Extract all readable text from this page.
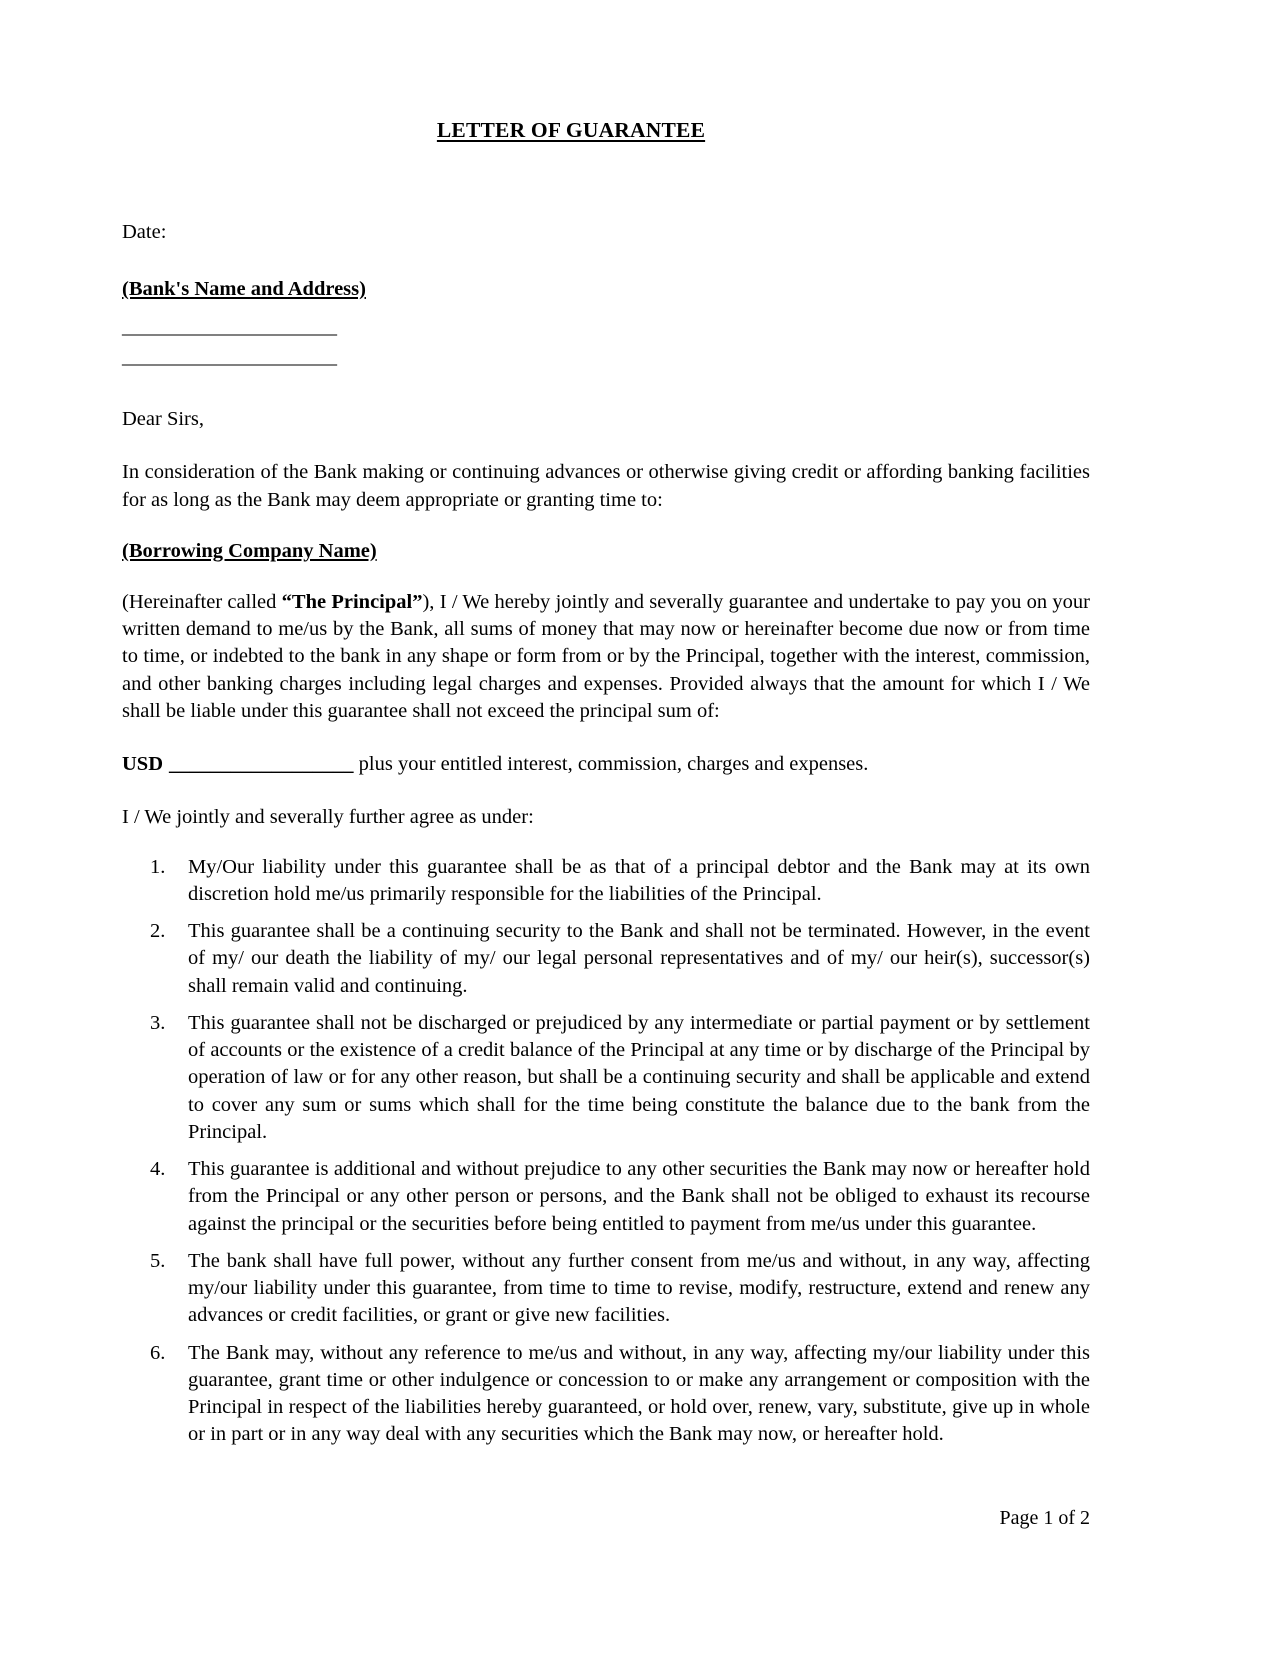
LETTER OF GUARANTEE
Date:
(Bank's Name and Address)
______________________
______________________
Dear Sirs,

In consideration of the Bank making or continuing advances or otherwise giving credit or affording banking facilities for as long as the Bank may deem appropriate or granting time to:

(Borrowing Company Name)

(Hereinafter called “The Principal”), I / We hereby jointly and severally guarantee and undertake to pay you on your written demand to me/us by the Bank, all sums of money that may now or hereinafter become due now or from time to time, or indebted to the bank in any shape or form from or by the Principal, together with the interest, commission, and other banking charges including legal charges and expenses. Provided always that the amount for which I / We shall be liable under this guarantee shall not exceed the principal sum of:

USD __________________ plus your entitled interest, commission, charges and expenses.

I / We jointly and severally further agree as under:

My/Our liability under this guarantee shall be as that of a principal debtor and the Bank may at its own discretion hold me/us primarily responsible for the liabilities of the Principal.
This guarantee shall be a continuing security to the Bank and shall not be terminated. However, in the event of my/ our death the liability of my/ our legal personal representatives and of my/ our heir(s), successor(s) shall remain valid and continuing.
This guarantee shall not be discharged or prejudiced by any intermediate or partial payment or by settlement of accounts or the existence of a credit balance of the Principal at any time or by discharge of the Principal by operation of law or for any other reason, but shall be a continuing security and shall be applicable and extend to cover any sum or sums which shall for the time being constitute the balance due to the bank from the Principal.
This guarantee is additional and without prejudice to any other securities the Bank may now or hereafter hold from the Principal or any other person or persons, and the Bank shall not be obliged to exhaust its recourse against the principal or the securities before being entitled to payment from me/us under this guarantee.
The bank shall have full power, without any further consent from me/us and without, in any way, affecting my/our liability under this guarantee, from time to time to revise, modify, restructure, extend and renew any advances or credit facilities, or grant or give new facilities.
The Bank may, without any reference to me/us and without, in any way, affecting my/our liability under this guarantee, grant time or other indulgence or concession to or make any arrangement or composition with the Principal in respect of the liabilities hereby guaranteed, or hold over, renew, vary, substitute, give up in whole or in part or in any way deal with any securities which the Bank may now, or hereafter hold.
Page 1 of 2
